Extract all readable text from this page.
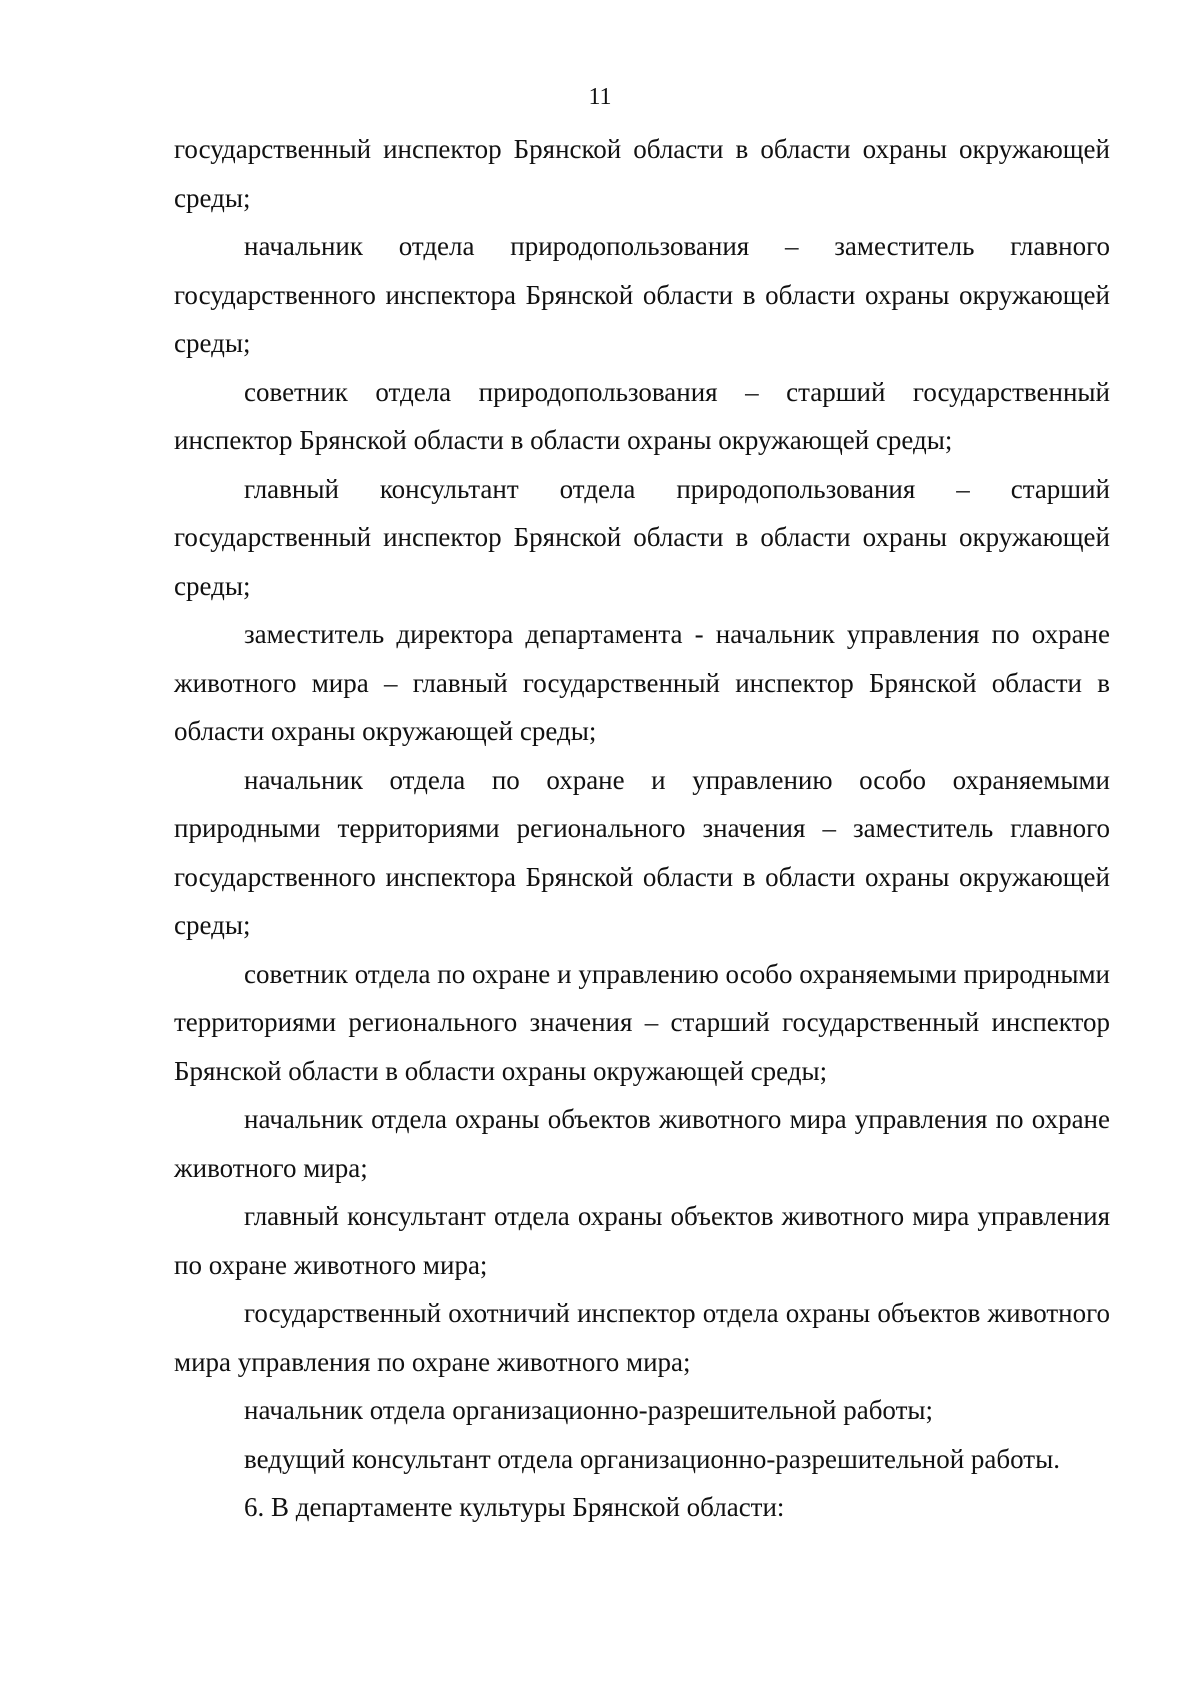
11

государственный инспектор Брянской области в области охраны окружающей среды;

начальник отдела природопользования – заместитель главного государственного инспектора Брянской области в области охраны окружающей среды;

советник отдела природопользования – старший государственный инспектор Брянской области в области охраны окружающей среды;

главный консультант отдела природопользования – старший государственный инспектор Брянской области в области охраны окружающей среды;

заместитель директора департамента - начальник управления по охране животного мира – главный государственный инспектор Брянской области в области охраны окружающей среды;

начальник отдела по охране и управлению особо охраняемыми природными территориями регионального значения – заместитель главного государственного инспектора Брянской области в области охраны окружающей среды;

советник отдела по охране и управлению особо охраняемыми природными территориями регионального значения – старший государственный инспектор Брянской области в области охраны окружающей среды;

начальник отдела охраны объектов животного мира управления по охране животного мира;

главный консультант отдела охраны объектов животного мира управления по охране животного мира;

государственный охотничий инспектор отдела охраны объектов животного мира управления по охране животного мира;

начальник отдела организационно-разрешительной работы;

ведущий консультант отдела организационно-разрешительной работы.

6. В департаменте культуры Брянской области:
